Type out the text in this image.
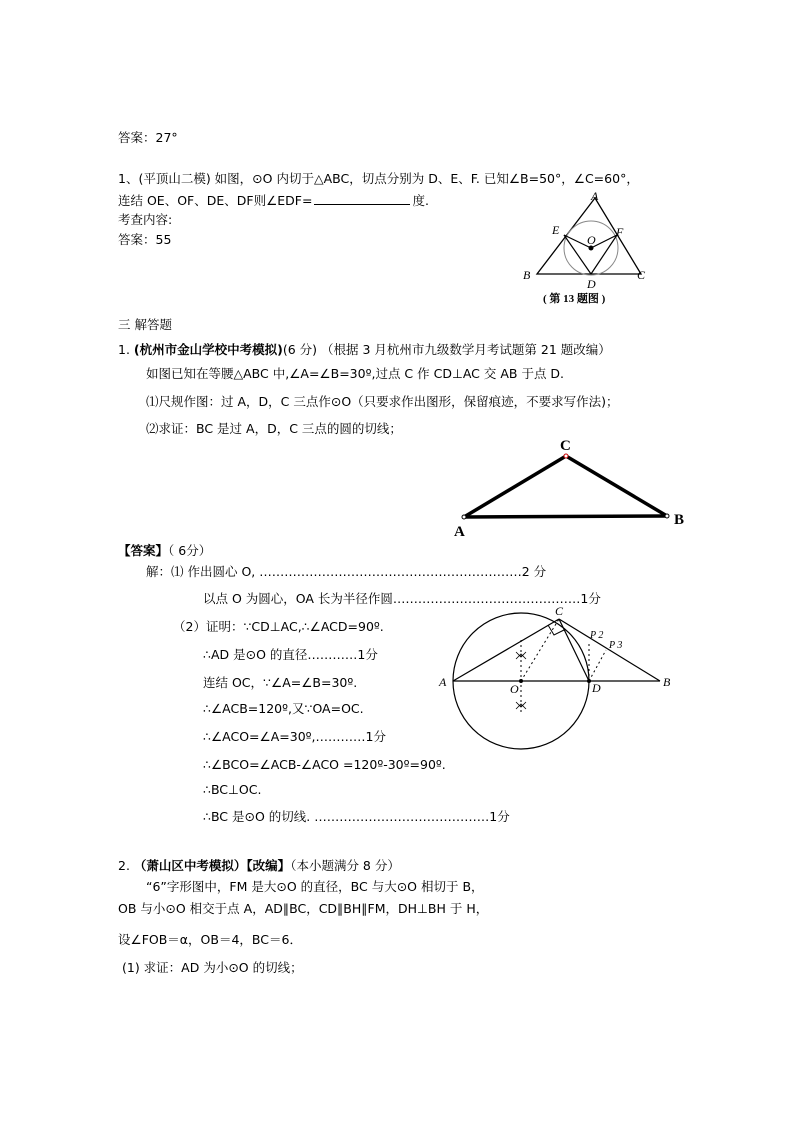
答案：27°
1、(平顶山二模) 如图，⊙O 内切于△ABC，切点分别为 D、E、F. 已知∠B=50°，∠C=60°，
连结 OE、OF、DE、DF则∠EDF=	度.
考查内容:
答案：55
A
E
O
F
B
D
C
( 第 13 题图 )
三 解答题
1. (杭州市金山学校中考模拟)(6 分) （根据 3 月杭州市九级数学月考试题第 21 题改编）
如图已知在等腰△ABC 中,∠A=∠B=30º,过点 C 作 CD⊥AC 交 AB 于点 D.
⑴尺规作图：过 A，D，C 三点作⊙O（只要求作出图形，保留痕迹，不要求写作法)；
⑵求证：BC 是过 A，D，C 三点的圆的切线；
C
A
B
【答案】（ 6分）
解：⑴ 作出圆心 O, ………………………………………………………2 分
以点 O 为圆心，OA 长为半径作圆………………………………………1分
（2）证明：∵CD⊥AC,∴∠ACD=90º.
∴AD 是⊙O 的直径…………1分
连结 OC，∵∠A=∠B=30º.
∴∠ACB=120º,又∵OA=OC.
∴∠ACO=∠A=30º,…………1分
∴∠BCO=∠ACB-∠ACO =120º-30º=90º.
∴BC⊥OC.
∴BC 是⊙O 的切线. ……………………………………1分
A	B
C
D
O
P 2
P 3
2. （萧山区中考模拟）【改编】（本小题满分 8 分）
“6”字形图中，FM 是大⊙O 的直径，BC 与大⊙O 相切于 B，
OB 与小⊙O 相交于点 A，AD∥BC，CD∥BH∥FM，DH⊥BH 于 H，
设∠FOB＝α，OB＝4，BC＝6．
(1) 求证：AD 为小⊙O 的切线；
